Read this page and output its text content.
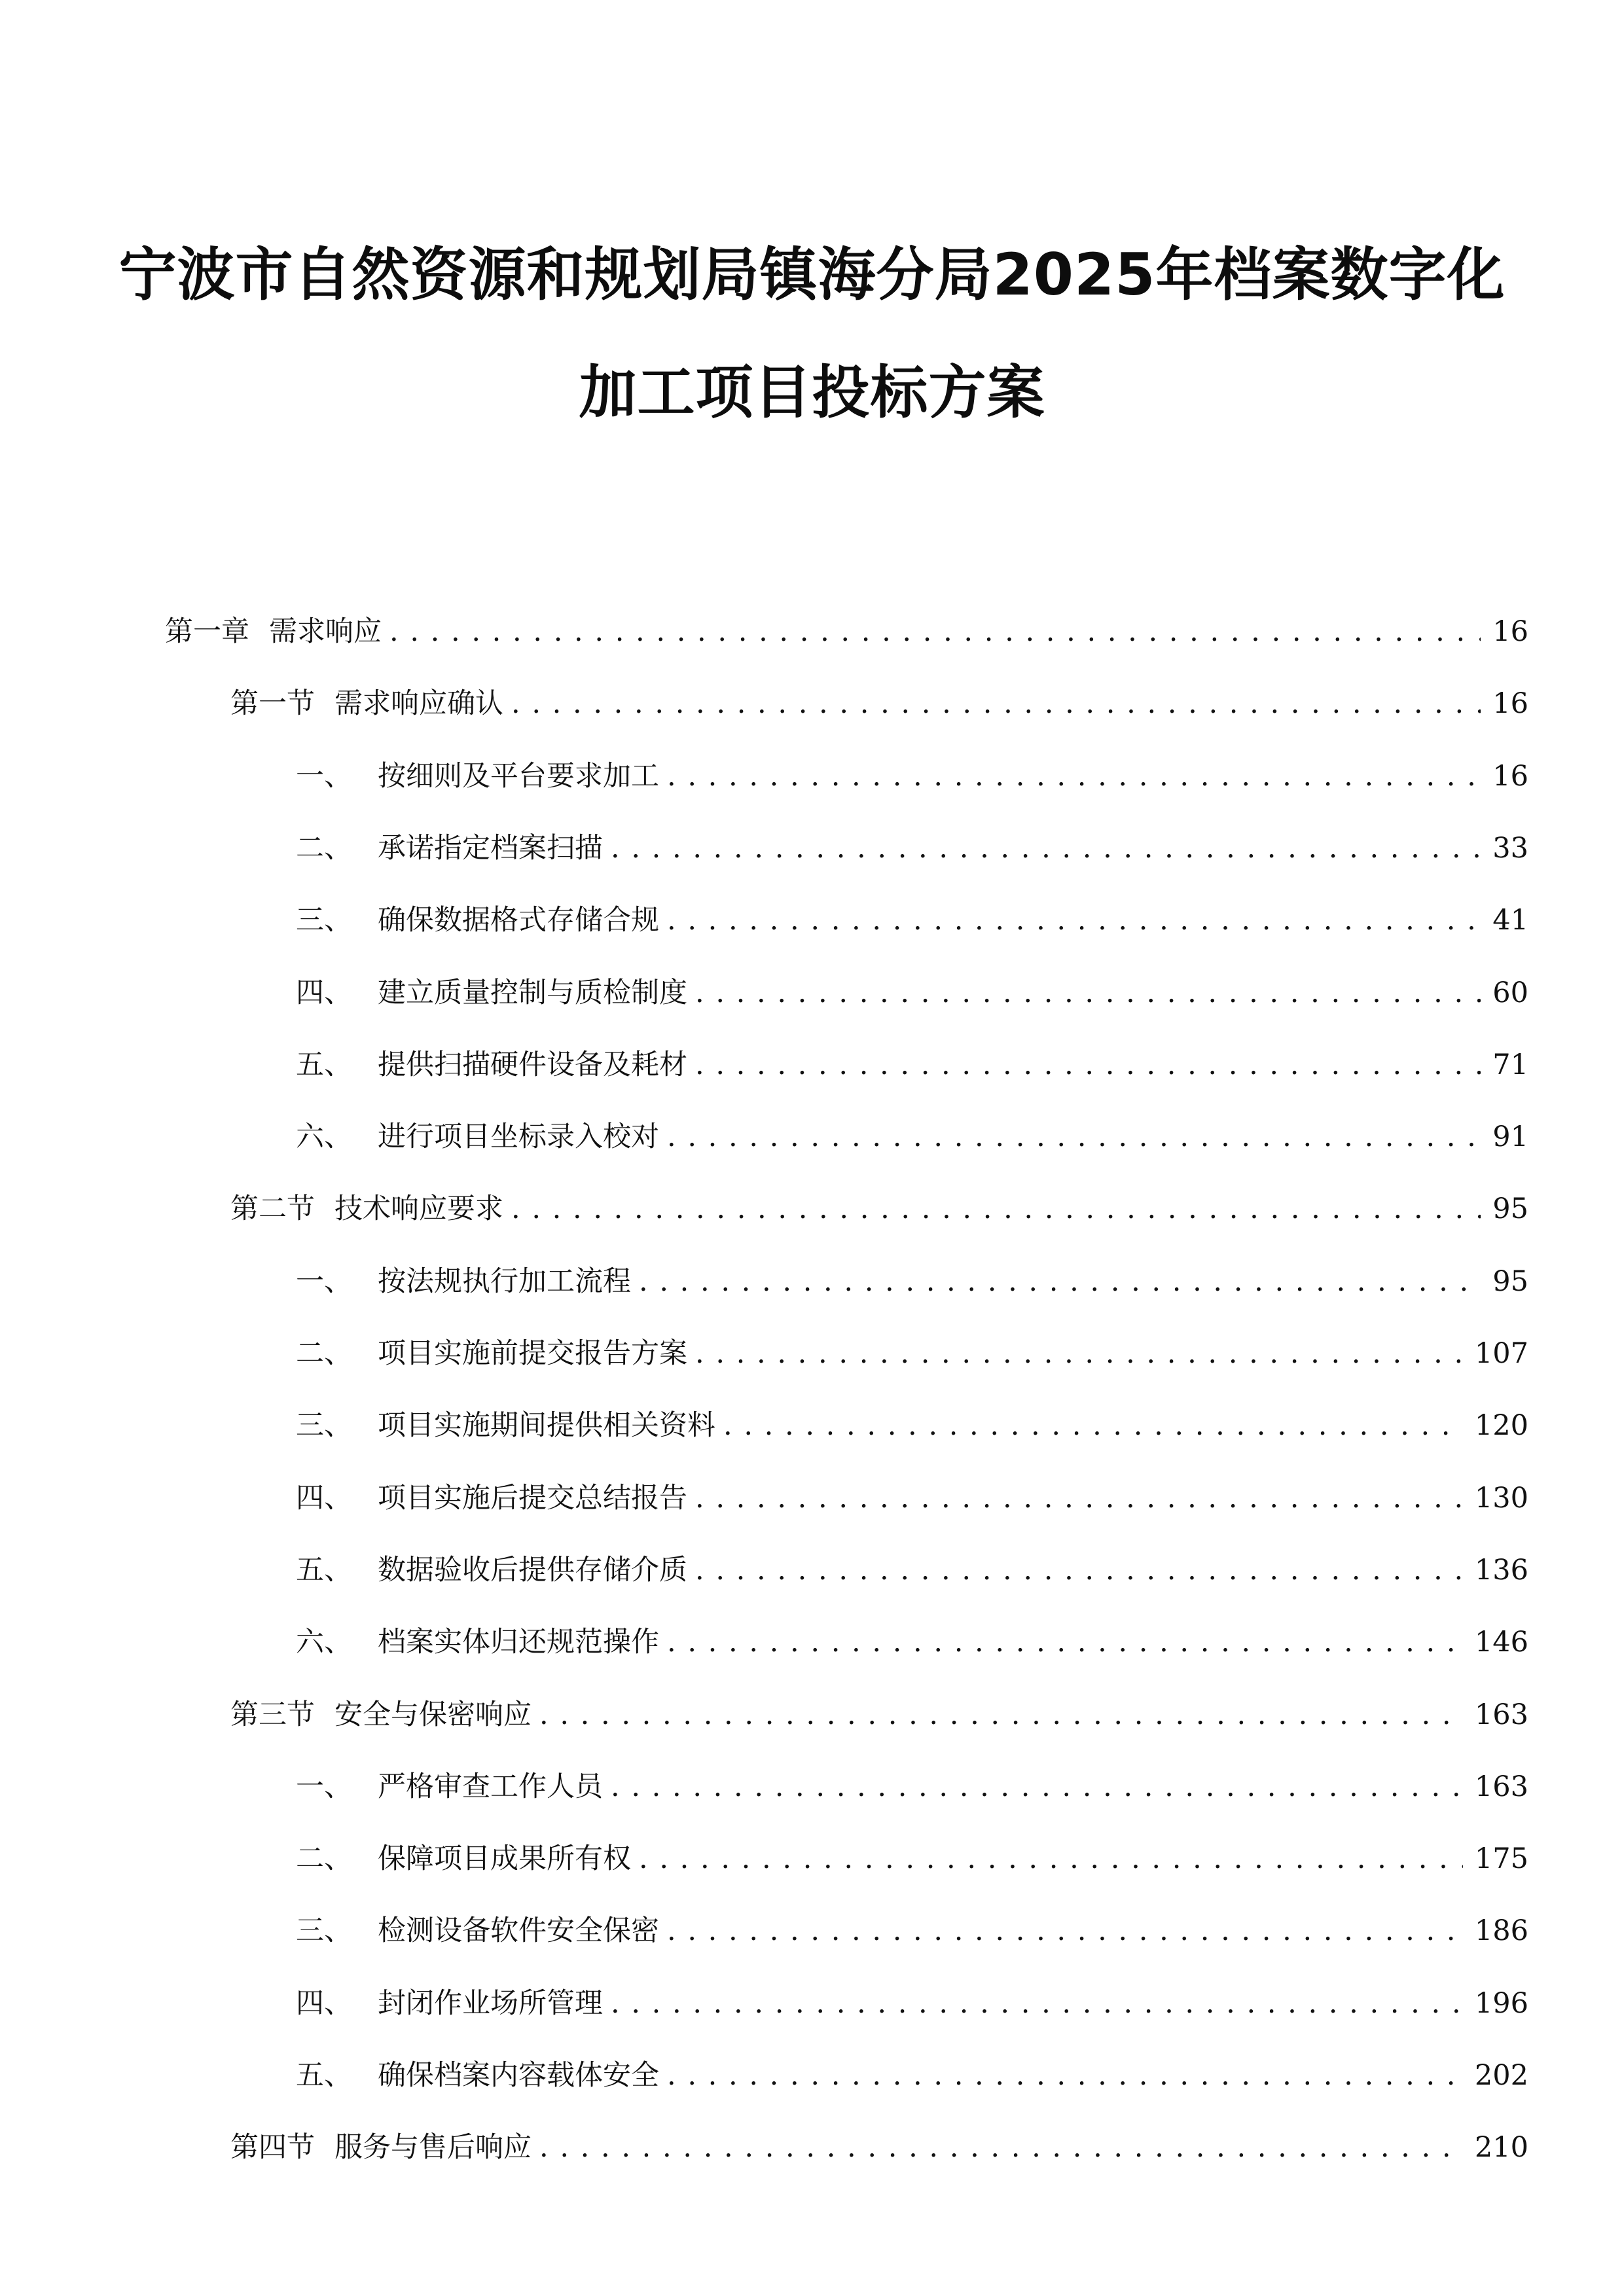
宁波市自然资源和规划局镇海分局2025年档案数字化
加工项目投标方案
第一章 需求响应 . . .	16
第一节 需求响应确认 . . .	16
一、 按细则及平台要求加工 . . .	16
二、 承诺指定档案扫描 . . .	33
三、 确保数据格式存储合规 . . .	41
四、 建立质量控制与质检制度 . . .	60
五、 提供扫描硬件设备及耗材 . . .	71
六、 进行项目坐标录入校对 . . .	91
第二节 技术响应要求 . . .	95
一、 按法规执行加工流程 . . .	95
二、 项目实施前提交报告方案 . . .	107
三、 项目实施期间提供相关资料 . . .	120
四、 项目实施后提交总结报告 . . .	130
五、 数据验收后提供存储介质 . . .	136
六、 档案实体归还规范操作 . . .	146
第三节 安全与保密响应 . . .	163
一、 严格审查工作人员 . . .	163
二、 保障项目成果所有权 . . .	175
三、 检测设备软件安全保密 . . .	186
四、 封闭作业场所管理 . . .	196
五、 确保档案内容载体安全 . . .	202
第四节 服务与售后响应 . . .	210
